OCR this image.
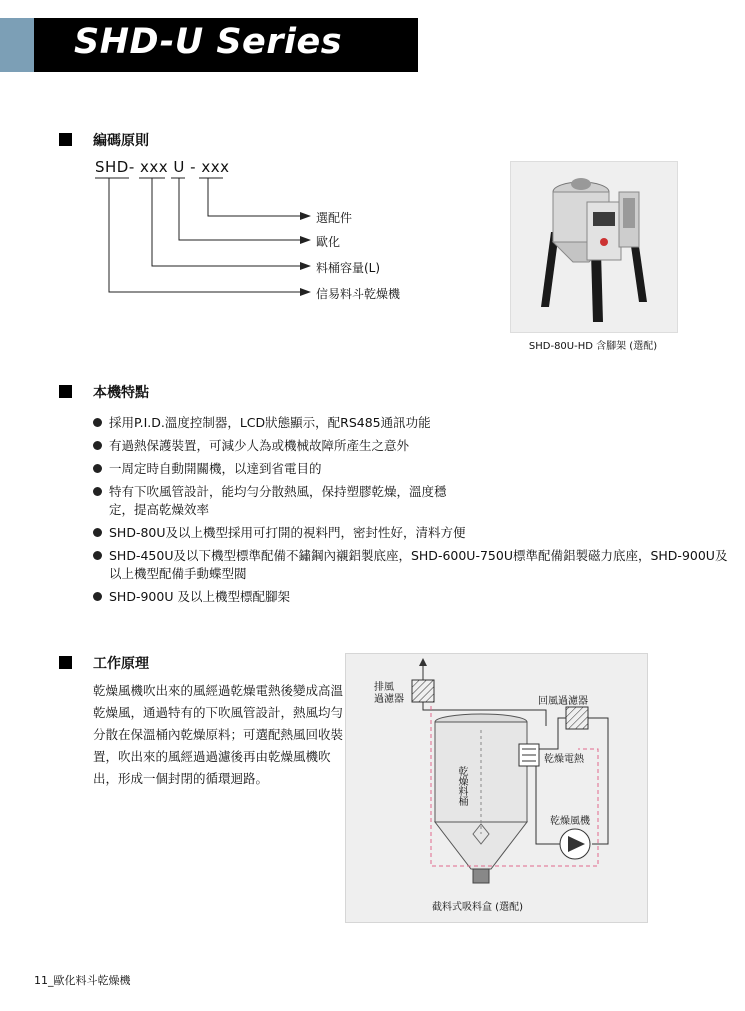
SHD-U Series
編碼原則
SHD- xxx U - xxx
選配件
歐化
料桶容量(L)
信易料斗乾燥機
SHD-80U-HD 含腳架 (選配)
本機特點
採用P.I.D.溫度控制器，LCD狀態顯示，配RS485通訊功能
有過熱保護裝置，可減少人為或機械故障所產生之意外
一周定時自動開關機，以達到省電目的
特有下吹風管設計，能均勻分散熱風，保持塑膠乾燥，溫度穩定，提高乾燥效率
SHD-80U及以上機型採用可打開的視料門，密封性好，清料方便
SHD-450U及以下機型標準配備不鏽鋼內襯鋁製底座，SHD-600U-750U標準配備鋁製磁力底座，SHD-900U及以上機型配備手動蝶型閥
SHD-900U 及以上機型標配腳架
工作原理
乾燥風機吹出來的風經過乾燥電熱後變成高溫乾燥風，通過特有的下吹風管設計，熱風均勻分散在保溫桶內乾燥原料；可選配熱風回收裝置，吹出來的風經過過濾後再由乾燥風機吹出，形成一個封閉的循環迴路。
排風
過濾器	回風過濾器
乾燥電熱
乾燥料桶
乾燥風機
截料式吸料盒 (選配)
11_歐化料斗乾燥機
